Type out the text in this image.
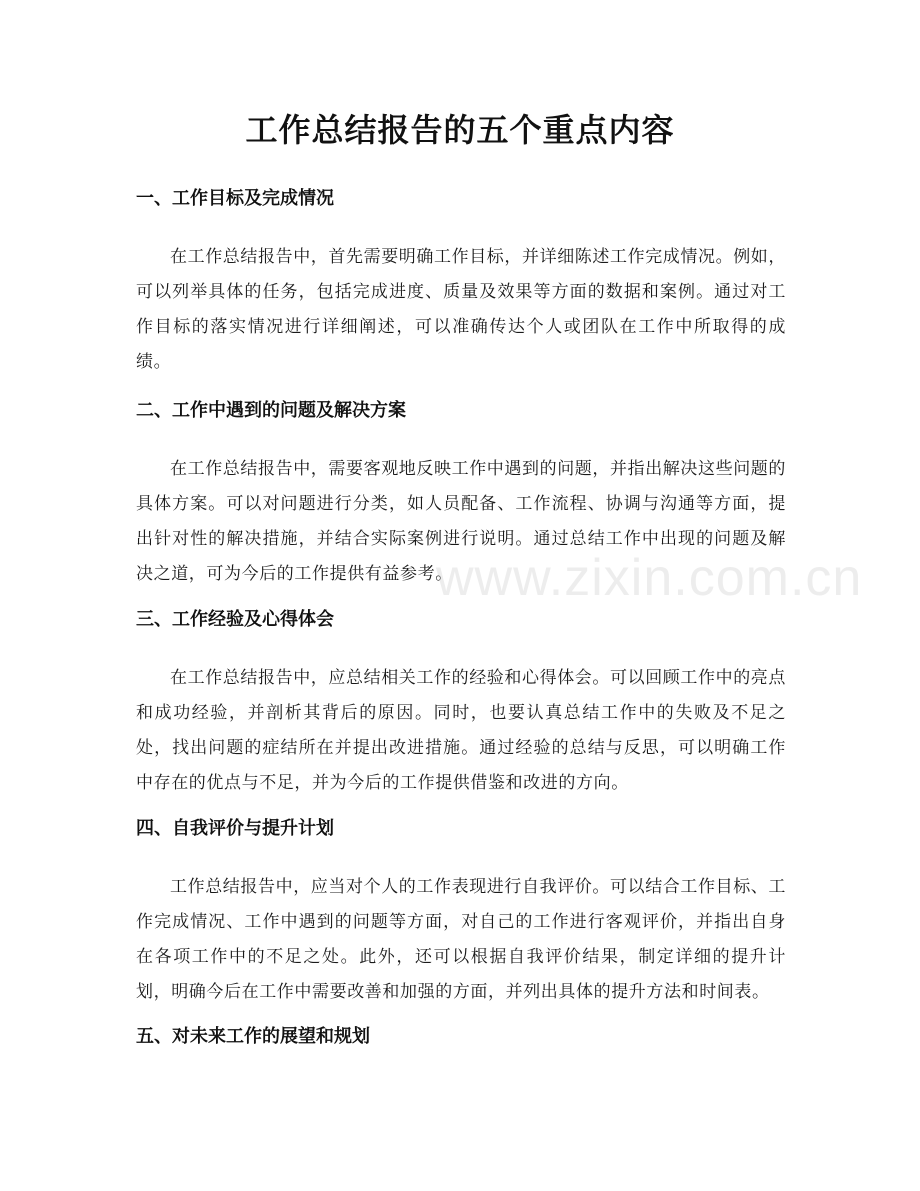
工作总结报告的五个重点内容
一、工作目标及完成情况

在工作总结报告中，首先需要明确工作目标，并详细陈述工作完成情况。例如，可以列举具体的任务，包括完成进度、质量及效果等方面的数据和案例。通过对工作目标的落实情况进行详细阐述，可以准确传达个人或团队在工作中所取得的成绩。

二、工作中遇到的问题及解决方案

在工作总结报告中，需要客观地反映工作中遇到的问题，并指出解决这些问题的具体方案。可以对问题进行分类，如人员配备、工作流程、协调与沟通等方面，提出针对性的解决措施，并结合实际案例进行说明。通过总结工作中出现的问题及解决之道，可为今后的工作提供有益参考。

三、工作经验及心得体会

在工作总结报告中，应总结相关工作的经验和心得体会。可以回顾工作中的亮点和成功经验，并剖析其背后的原因。同时，也要认真总结工作中的失败及不足之处，找出问题的症结所在并提出改进措施。通过经验的总结与反思，可以明确工作中存在的优点与不足，并为今后的工作提供借鉴和改进的方向。

四、自我评价与提升计划

工作总结报告中，应当对个人的工作表现进行自我评价。可以结合工作目标、工作完成情况、工作中遇到的问题等方面，对自己的工作进行客观评价，并指出自身在各项工作中的不足之处。此外，还可以根据自我评价结果，制定详细的提升计划，明确今后在工作中需要改善和加强的方面，并列出具体的提升方法和时间表。

五、对未来工作的展望和规划
www.zixin.com.cn
